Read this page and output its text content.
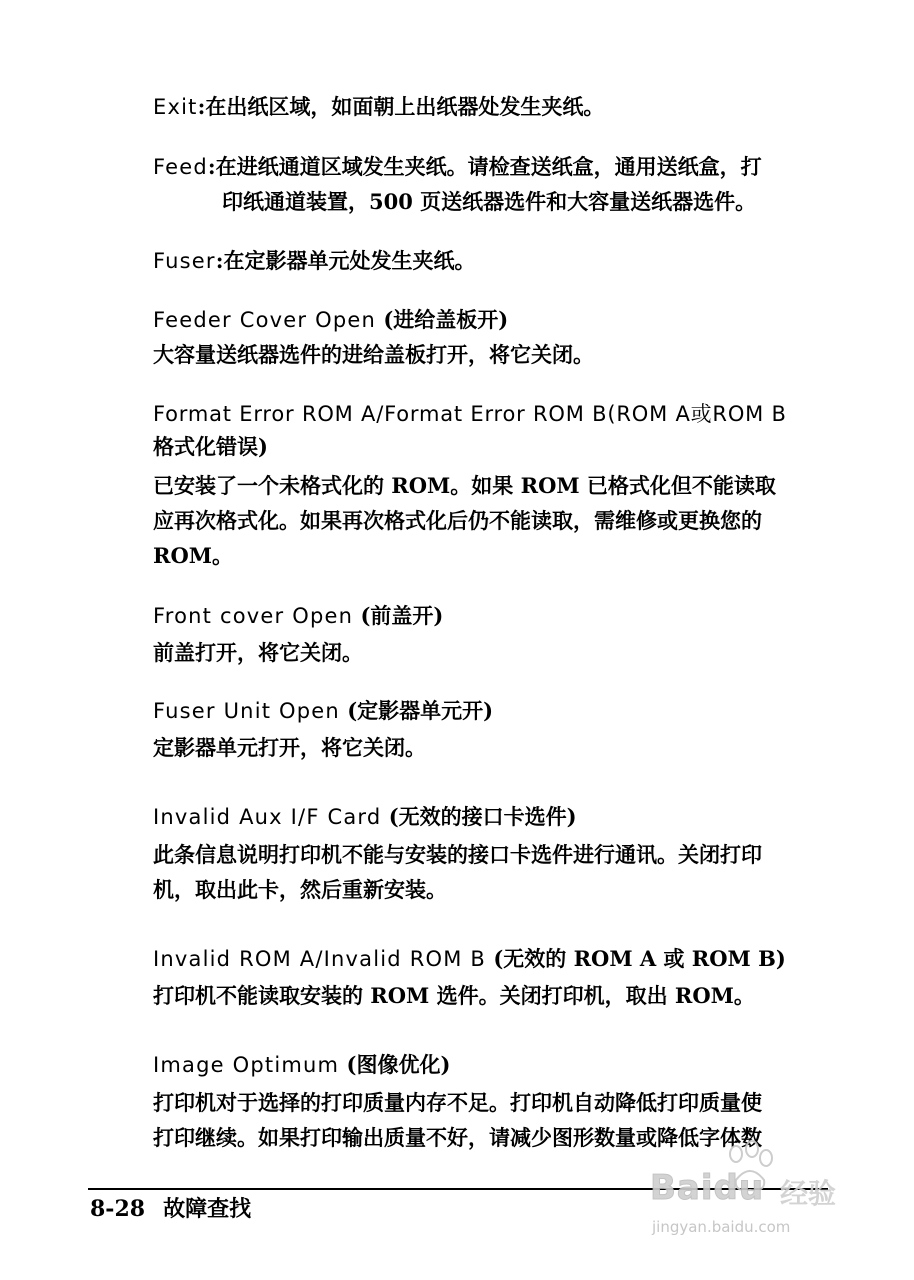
Exit:在出纸区域，如面朝上出纸器处发生夹纸。
Feed:在进纸通道区域发生夹纸。请检查送纸盒，通用送纸盒，打
印纸通道装置，500 页送纸器选件和大容量送纸器选件。
Fuser:在定影器单元处发生夹纸。
Feeder Cover Open (进给盖板开)
大容量送纸器选件的进给盖板打开，将它关闭。
Format Error ROM A/Format Error ROM B(ROM A或ROM B
格式化错误)
已安装了一个未格式化的 ROM。如果 ROM 已格式化但不能读取
应再次格式化。如果再次格式化后仍不能读取，需维修或更换您的
ROM。
Front cover Open (前盖开)
前盖打开，将它关闭。
Fuser Unit Open (定影器单元开)
定影器单元打开，将它关闭。
Invalid Aux I/F Card (无效的接口卡选件)
此条信息说明打印机不能与安装的接口卡选件进行通讯。关闭打印
机，取出此卡，然后重新安装。
Invalid ROM A/Invalid ROM B (无效的 ROM A 或 ROM B)
打印机不能读取安装的 ROM 选件。关闭打印机，取出 ROM。
Image Optimum (图像优化)
打印机对于选择的打印质量内存不足。打印机自动降低打印质量使
打印继续。如果打印输出质量不好，请减少图形数量或降低字体数
8-28 故障查找
Baidu 经验
jingyan.baidu.com
